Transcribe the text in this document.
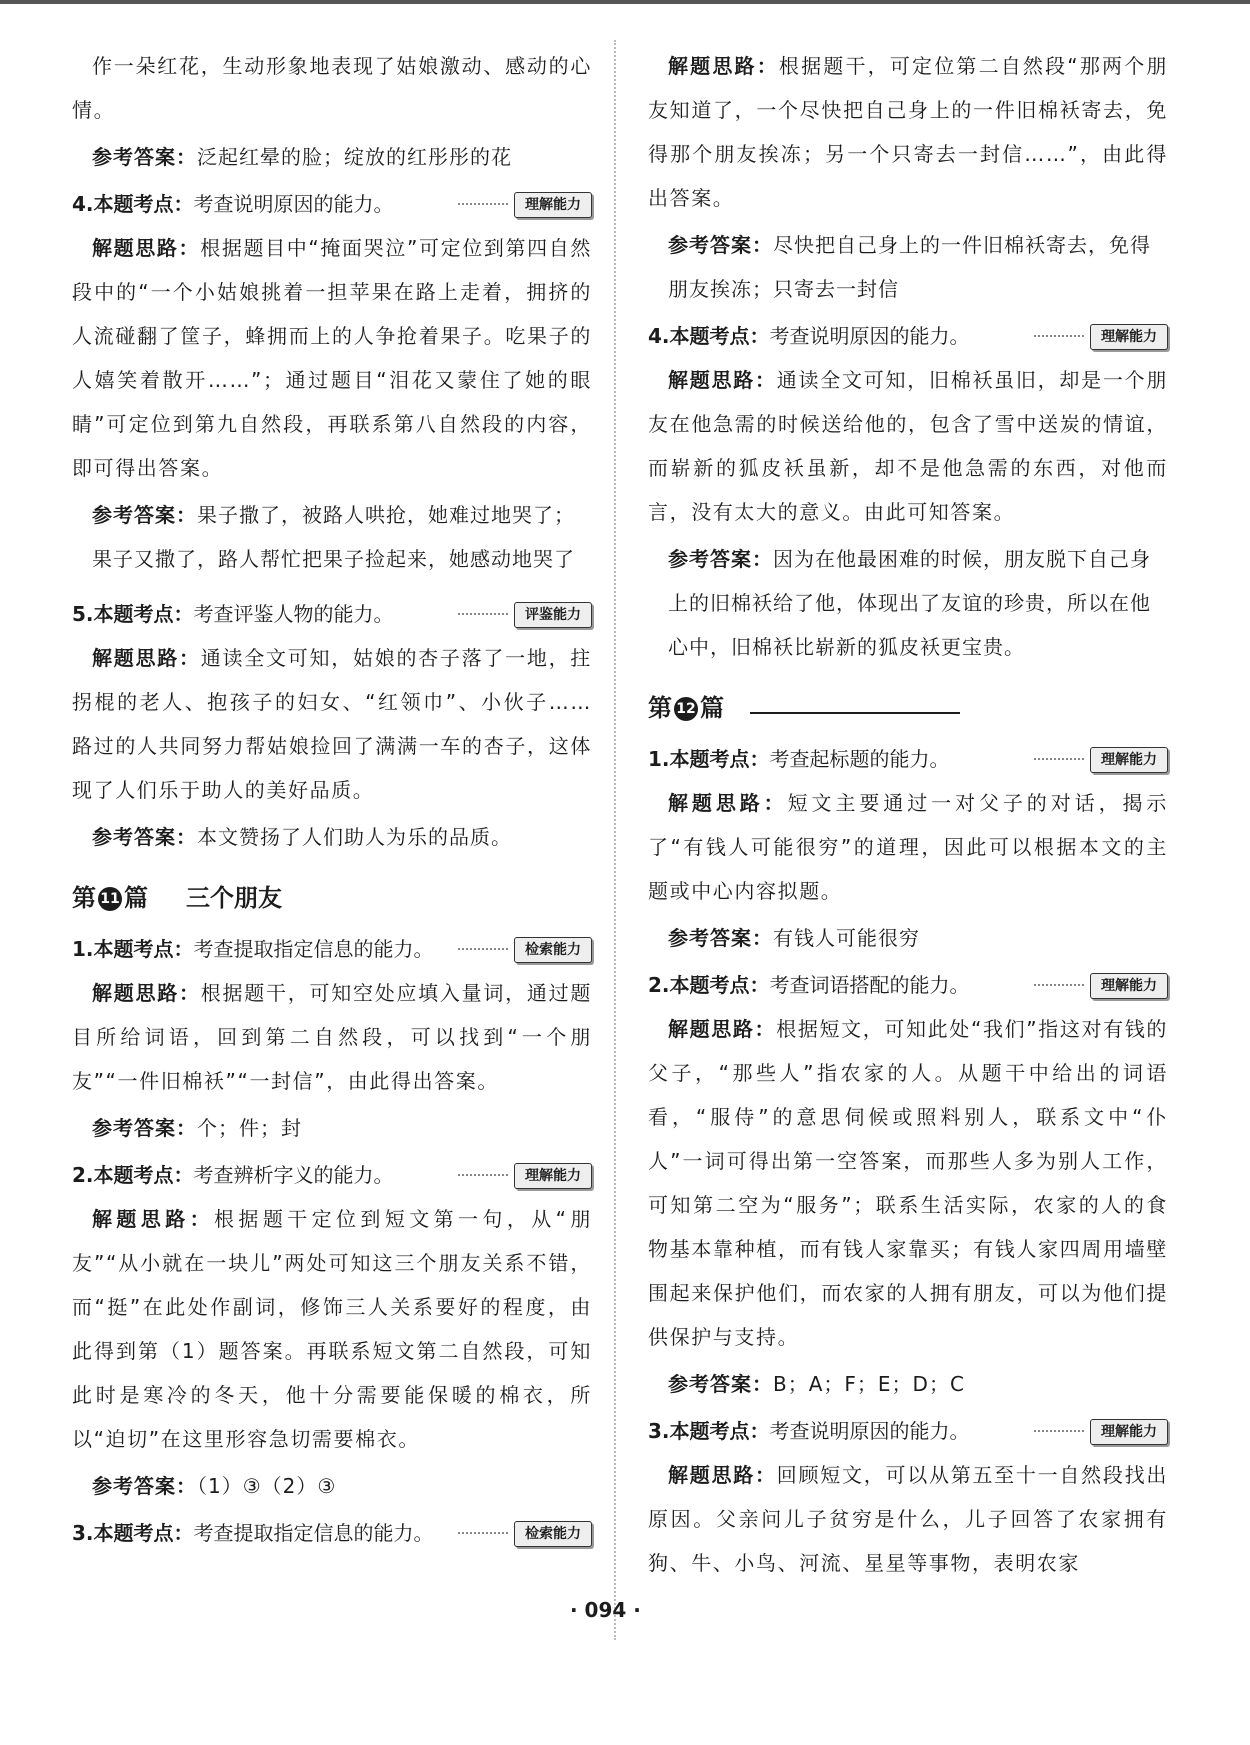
作一朵红花，生动形象地表现了姑娘激动、感动的心情。

参考答案：泛起红晕的脸；绽放的红彤彤的花

4.本题考点：考查说明原因的能力。	理解能力

解题思路：根据题目中“掩面哭泣”可定位到第四自然段中的“一个小姑娘挑着一担苹果在路上走着，拥挤的人流碰翻了筐子，蜂拥而上的人争抢着果子。吃果子的人嬉笑着散开……”；通过题目“泪花又蒙住了她的眼睛”可定位到第九自然段，再联系第八自然段的内容，即可得出答案。

参考答案：果子撒了，被路人哄抢，她难过地哭了；果子又撒了，路人帮忙把果子捡起来，她感动地哭了

5.本题考点：考查评鉴人物的能力。	评鉴能力

解题思路：通读全文可知，姑娘的杏子落了一地，拄拐棍的老人、抱孩子的妇女、“红领巾”、小伙子……路过的人共同努力帮姑娘捡回了满满一车的杏子，这体现了人们乐于助人的美好品质。

参考答案：本文赞扬了人们助人为乐的品质。

第 11 篇 三个朋友
1.本题考点：考查提取指定信息的能力。	检索能力

解题思路：根据题干，可知空处应填入量词，通过题目所给词语，回到第二自然段，可以找到“一个朋友”“一件旧棉袄”“一封信”，由此得出答案。

参考答案：个；件；封

2.本题考点：考查辨析字义的能力。	理解能力

解题思路：根据题干定位到短文第一句，从“朋友”“从小就在一块儿”两处可知这三个朋友关系不错，而“挺”在此处作副词，修饰三人关系要好的程度，由此得到第（1）题答案。再联系短文第二自然段，可知此时是寒冷的冬天，他十分需要能保暖的棉衣，所以“迫切”在这里形容急切需要棉衣。

参考答案：（1）③（2）③

3.本题考点：考查提取指定信息的能力。	检索能力

解题思路：根据题干，可定位第二自然段“那两个朋友知道了，一个尽快把自己身上的一件旧棉袄寄去，免得那个朋友挨冻；另一个只寄去一封信……”，由此得出答案。

参考答案：尽快把自己身上的一件旧棉袄寄去，免得朋友挨冻；只寄去一封信

4.本题考点：考查说明原因的能力。	理解能力

解题思路：通读全文可知，旧棉袄虽旧，却是一个朋友在他急需的时候送给他的，包含了雪中送炭的情谊，而崭新的狐皮袄虽新，却不是他急需的东西，对他而言，没有太大的意义。由此可知答案。

参考答案：因为在他最困难的时候，朋友脱下自己身上的旧棉袄给了他，体现出了友谊的珍贵，所以在他心中，旧棉袄比崭新的狐皮袄更宝贵。

第 12 篇
1.本题考点：考查起标题的能力。	理解能力

解题思路：短文主要通过一对父子的对话，揭示了“有钱人可能很穷”的道理，因此可以根据本文的主题或中心内容拟题。

参考答案：有钱人可能很穷

2.本题考点：考查词语搭配的能力。	理解能力

解题思路：根据短文，可知此处“我们”指这对有钱的父子，“那些人”指农家的人。从题干中给出的词语看，“服侍”的意思伺候或照料别人，联系文中“仆人”一词可得出第一空答案，而那些人多为别人工作，可知第二空为“服务”；联系生活实际，农家的人的食物基本靠种植，而有钱人家靠买；有钱人家四周用墙壁围起来保护他们，而农家的人拥有朋友，可以为他们提供保护与支持。

参考答案：B；A；F；E；D；C

3.本题考点：考查说明原因的能力。	理解能力

解题思路：回顾短文，可以从第五至十一自然段找出原因。父亲问儿子贫穷是什么，儿子回答了农家拥有狗、牛、小鸟、河流、星星等事物，表明农家

· 094 ·
